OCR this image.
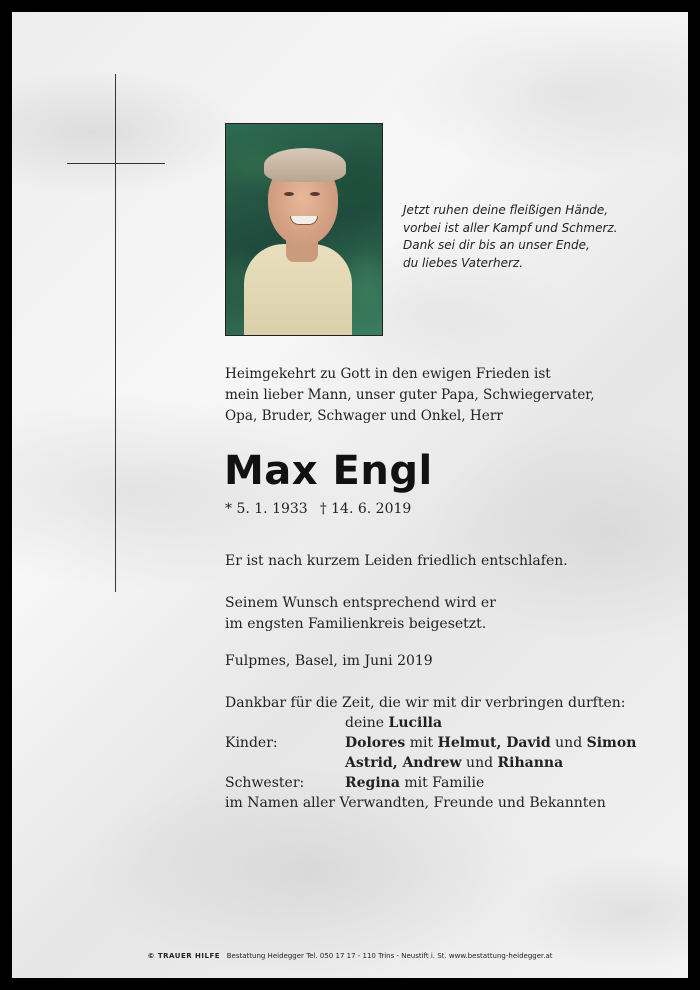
Jetzt ruhen deine fleißigen Hände,
vorbei ist aller Kampf und Schmerz.
Dank sei dir bis an unser Ende,
du liebes Vaterherz.
Heimgekehrt zu Gott in den ewigen Frieden ist
mein lieber Mann, unser guter Papa, Schwiegervater,
Opa, Bruder, Schwager und Onkel, Herr
Max Engl
* 5. 1. 1933 † 14. 6. 2019
Er ist nach kurzem Leiden friedlich entschlafen.
Seinem Wunsch entsprechend wird er
im engsten Familienkreis beigesetzt.
Fulpmes, Basel, im Juni 2019
Dankbar für die Zeit, die wir mit dir verbringen durften:
deine Lucilla
Kinder:	Dolores mit Helmut, David und Simon
Astrid, Andrew und Rihanna
Schwester:	Regina mit Familie
im Namen aller Verwandten, Freunde und Bekannten
© TRAUER HILFE Bestattung Heidegger Tel. 050 17 17 - 110 Trins - Neustift i. St. www.bestattung-heidegger.at
